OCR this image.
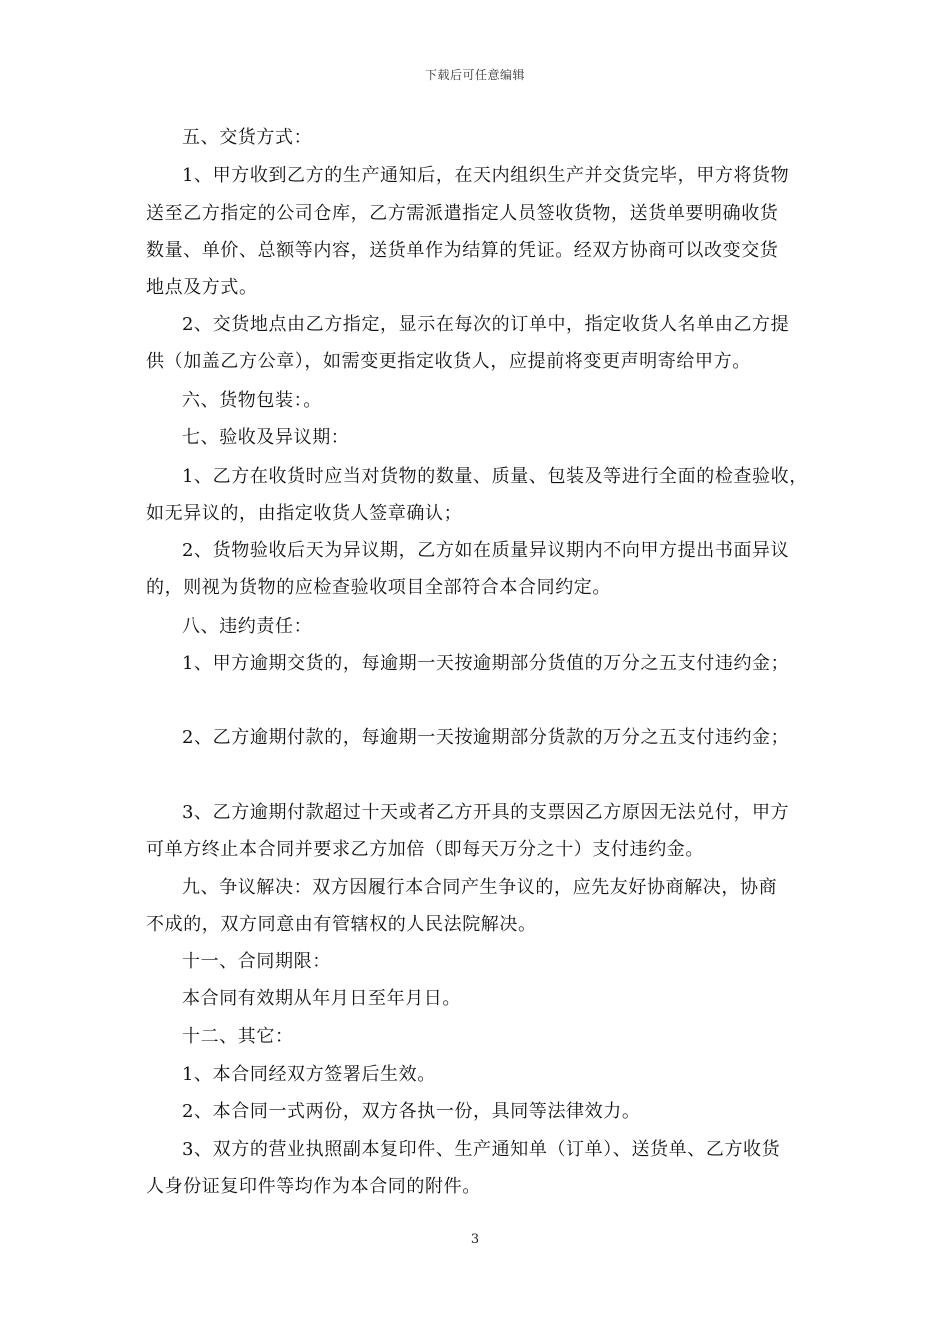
下载后可任意编辑
五、交货方式：
1、甲方收到乙方的生产通知后，在天内组织生产并交货完毕，甲方将货物
送至乙方指定的公司仓库，乙方需派遣指定人员签收货物，送货单要明确收货
数量、单价、总额等内容，送货单作为结算的凭证。经双方协商可以改变交货
地点及方式。
2、交货地点由乙方指定，显示在每次的订单中，指定收货人名单由乙方提
供（加盖乙方公章），如需变更指定收货人，应提前将变更声明寄给甲方。
六、货物包装：。
七、验收及异议期：
1、乙方在收货时应当对货物的数量、质量、包装及等进行全面的检查验收，
如无异议的，由指定收货人签章确认；
2、货物验收后天为异议期，乙方如在质量异议期内不向甲方提出书面异议
的，则视为货物的应检查验收项目全部符合本合同约定。
八、违约责任：
1、甲方逾期交货的，每逾期一天按逾期部分货值的万分之五支付违约金；
2、乙方逾期付款的，每逾期一天按逾期部分货款的万分之五支付违约金；
3、乙方逾期付款超过十天或者乙方开具的支票因乙方原因无法兑付，甲方
可单方终止本合同并要求乙方加倍（即每天万分之十）支付违约金。
九、争议解决：双方因履行本合同产生争议的，应先友好协商解决，协商
不成的，双方同意由有管辖权的人民法院解决。
十一、合同期限：
本合同有效期从年月日至年月日。
十二、其它：
1、本合同经双方签署后生效。
2、本合同一式两份，双方各执一份，具同等法律效力。
3、双方的营业执照副本复印件、生产通知单（订单）、送货单、乙方收货
人身份证复印件等均作为本合同的附件。
3
